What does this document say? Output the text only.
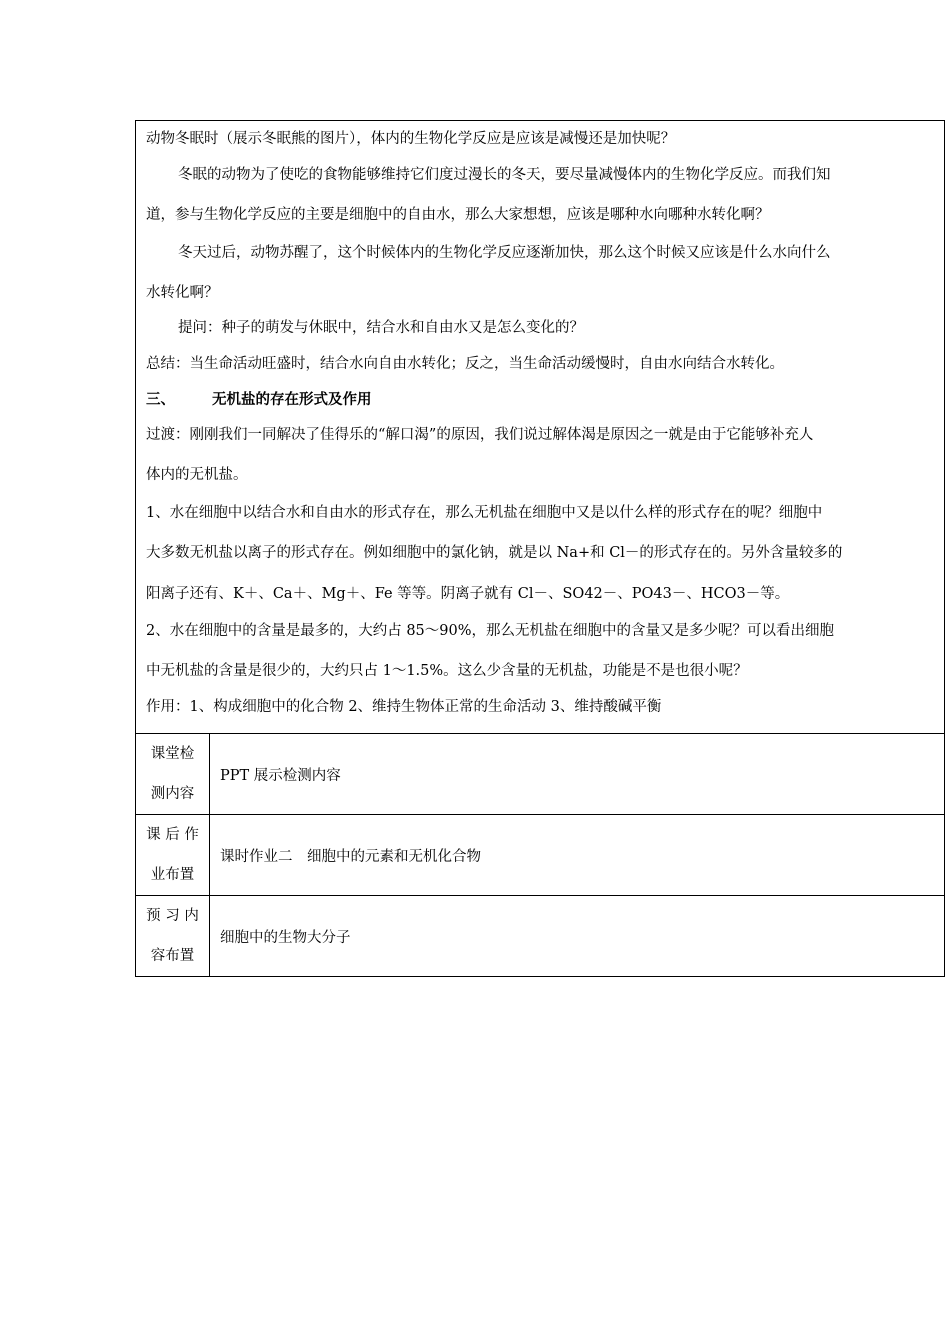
动物冬眠时（展示冬眠熊的图片），体内的生物化学反应是应该是减慢还是加快呢？
冬眠的动物为了使吃的食物能够维持它们度过漫长的冬天，要尽量减慢体内的生物化学反应。而我们知
道，参与生物化学反应的主要是细胞中的自由水，那么大家想想，应该是哪种水向哪种水转化啊？
冬天过后，动物苏醒了，这个时候体内的生物化学反应逐渐加快，那么这个时候又应该是什么水向什么
水转化啊？
提问：种子的萌发与休眠中，结合水和自由水又是怎么变化的？
总结：当生命活动旺盛时，结合水向自由水转化；反之，当生命活动缓慢时，自由水向结合水转化。
三、	无机盐的存在形式及作用
过渡：刚刚我们一同解决了佳得乐的“解口渴”的原因，我们说过解体渴是原因之一就是由于它能够补充人
体内的无机盐。
1、水在细胞中以结合水和自由水的形式存在，那么无机盐在细胞中又是以什么样的形式存在的呢？细胞中
大多数无机盐以离子的形式存在。例如细胞中的氯化钠，就是以 Na+和 Cl－的形式存在的。另外含量较多的
阳离子还有、K＋、Ca＋、Mg＋、Fe 等等。阴离子就有 Cl－、SO42－、PO43－、HCO3－等。
2、水在细胞中的含量是最多的，大约占 85～90%，那么无机盐在细胞中的含量又是多少呢？可以看出细胞
中无机盐的含量是很少的，大约只占 1～1.5%。这么少含量的无机盐，功能是不是也很小呢？
作用：1、构成细胞中的化合物 2、维持生物体正常的生命活动 3、维持酸碱平衡
课堂检
测内容	PPT 展示检测内容

课 后 作
业布置	课时作业二　细胞中的元素和无机化合物

预 习 内
容布置	细胞中的生物大分子
